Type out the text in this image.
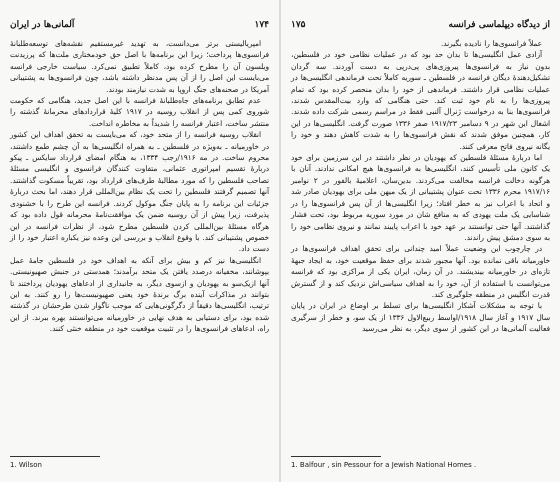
۱۷۴
آلمانی‌ها در ایران

امپریالیستی برتر می‌دانست، به تهدید غیرمستقیم نقشه‌های توسعه‌طلبانهٔ فرانسوی‌ها پرداخت؛ زیرا این برنامه‌ها با اصل حق خودمختاری ملت‌ها که پرزیدنت ویلسون آن را مطرح کرده بود، کاملاً تطبیق نمی‌کرد. سیاست خارجی فرانسه می‌بایست این اصل را از آن پس مدنظر داشته باشد، چون فرانسوی‌ها به پشتیبانی آمریکا در صحنه‌های جنگ اروپا به شدت نیازمند بودند.

عدم تطابق برنامه‌های جاه‌طلبانهٔ فرانسه با این اصل جدید، هنگامی که حکومت شوروی کمی پس از انقلاب روسیه در ۱۹۱۷ کلیهٔ قراردادهای محرمانهٔ گذشته را منتشر ساخت، اعتبار فرانسه را شدیداً به مخاطره انداخت.

انقلاب روسیه فرانسه را از متحد خود، که می‌بایست به تحقق اهداف این کشور در خاورمیانه ـ به‌ویژه در فلسطین ـ به همراه انگلیسی‌ها به آن چشم طمع داشتند، محروم ساخت. در مه ۱۹۱۶/رجب ۱۳۳۴، به هنگام امضای قرارداد سایکس ـ پیکو دربارهٔ تقسیم امپراتوری عثمانی، متفاوت کنندگان فرانسوی و انگلیسی مسئلهٔ تصاحب فلسطین را که مورد مطالبهٔ طرف‌های قرارداد بود، تقریباً مسکوت گذاشتند. آنها تصمیم گرفتند فلسطین را تحت یک نظام بین‌المللی قرار دهند، اما بحث دربارهٔ جزئیات این برنامه را به پایان جنگ موکول کردند. فرانسه این طرح را با خشنودی پذیرفت، زیرا پیش از آن روسیه ضمن یک موافقت‌نامهٔ محرمانه قول داده بود که هرگاه مسئلهٔ بین‌المللی کردن فلسطین مطرح شود، از نظرات فرانسه در این خصوص پشتیبانی کند. با وقوع انقلاب و بررسی این وعده نیز یکباره اعتبار خود را از دست داد.

انگلیسی‌ها نیز کم و بیش برای آنکه به اهداف خود در فلسطین جامهٔ عمل بپوشانند، مخفیانه درصدد یافتن یک متحد برآمدند؛ همدستی در جنبش صهیونیستی. آنها ازیک‌سو به یهودیان و ازسوی دیگر، به جانبداری از ادعاهای یهودیان پرداختند تا بتوانند در مذاکرات آینده برگ برندهٔ خود یعنی صهیونیست‌ها را رو کنند. به این ترتیب، انگلیسی‌ها دقیقاً از دگرگونی‌هایی که موجب ناگوار شدن طرحشان در گذشته شده بود، برای دستیابی به هدف نهایی در خاورمیانه می‌توانستند بهره ببرند. از این راه، ادعاهای فرانسوی‌ها را در تثبیت موقعیت خود در منطقه خنثی کنند.

1. Wilson
از دیدگاه دیپلماسی فرانسه
۱۷۵

عملاً فرانسوی‌ها را نادیده بگیرند.

آزادی عمل انگلیسی‌ها تا بدان حد بود که در عملیات نظامی خود در فلسطین، بدون نیاز به فرانسوی‌ها پیروزی‌های پی‌درپی به دست آوردند. سه گردان تشکیل‌دهندهٔ دیگان فرانسه در فلسطین ـ سوریه کاملاً تحت فرماندهی انگلیسی‌ها در عملیات نظامی قرار داشتند. فرماندهی از خود را بدان منحصر کرده بود که تمام پیروزی‌ها را به نام خود ثبت کند. حتی هنگامی که وارد بیت‌المقدس شدند، فرانسوی‌ها بنا به درخواست ژنرال آلنبی فقط در مراسم رسمی شرکت داده شدند. اشغال این شهر در ۹ دسامبر ۱۹۱۷/۲۳ صفر ۱۳۳۶ صورت گرفت. انگلیسی‌ها در این کار، همچنین موفق شدند که نقش فرانسوی‌ها را به شدت کاهش دهند و خود را یگانه نیروی فاتح معرفی کنند.

اما دربارهٔ مسئلهٔ فلسطین که یهودیان در نظر داشتند در این سرزمین برای خود یک کانون ملی تأسیس کنند، انگلیسی‌ها به فرانسوی‌ها هیچ امکانی ندادند. آنان با هرگونه دخالت فرانسه مخالفت می‌کردند. بدین‌سان، اعلامیهٔ بالفور در ۲ نوامبر ۱۹۱۷/۱۶ محرم ۱۳۳۶ تحت عنوان پشتیبانی از یک میهن ملی برای یهودیان صادر شد و اتحاد با اعراب نیز به خطر افتاد؛ زیرا انگلیسی‌ها از آن پس فرانسوی‌ها را در شناسایی یک ملت یهودی که به منافع شان در مورد سوریه مربوط بود، تحت فشار گذاشتند. آنها حتی توانستند بر عهد خود با اعراب پایبند نمانند و نیروی نظامی خود را به سوی دمشق پیش راندند.

در چارچوب این وضعیت عملاً امید چندانی برای تحقق اهداف فرانسوی‌ها در خاورمیانه باقی نمانده بود. آنها مجبور شدند برای حفظ موقعیت خود، به ایجاد جبههٔ تازه‌ای در خاورمیانه بیندیشند. در آن زمان، ایران یکی از مراکزی بود که فرانسه می‌توانست با استفاده از آن، خود را به اهداف سیاسی‌اش نزدیک کند و از گسترش قدرت انگلیس در منطقه جلوگیری کند.

با توجه به مشکلات آشکار انگلیسی‌ها برای تسلط بر اوضاع در ایران در پایان سال ۱۹۱۷ و آغاز سال ۱۹۱۸/اواسط ربیع‌الاول ۱۳۳۶ از یک سو، و خطر از سرگیری فعالیت آلمانی‌ها در این کشور از سوی دیگر، به نظر می‌رسید

1. Balfour , sin Pessour for a Jewish National Homes .
